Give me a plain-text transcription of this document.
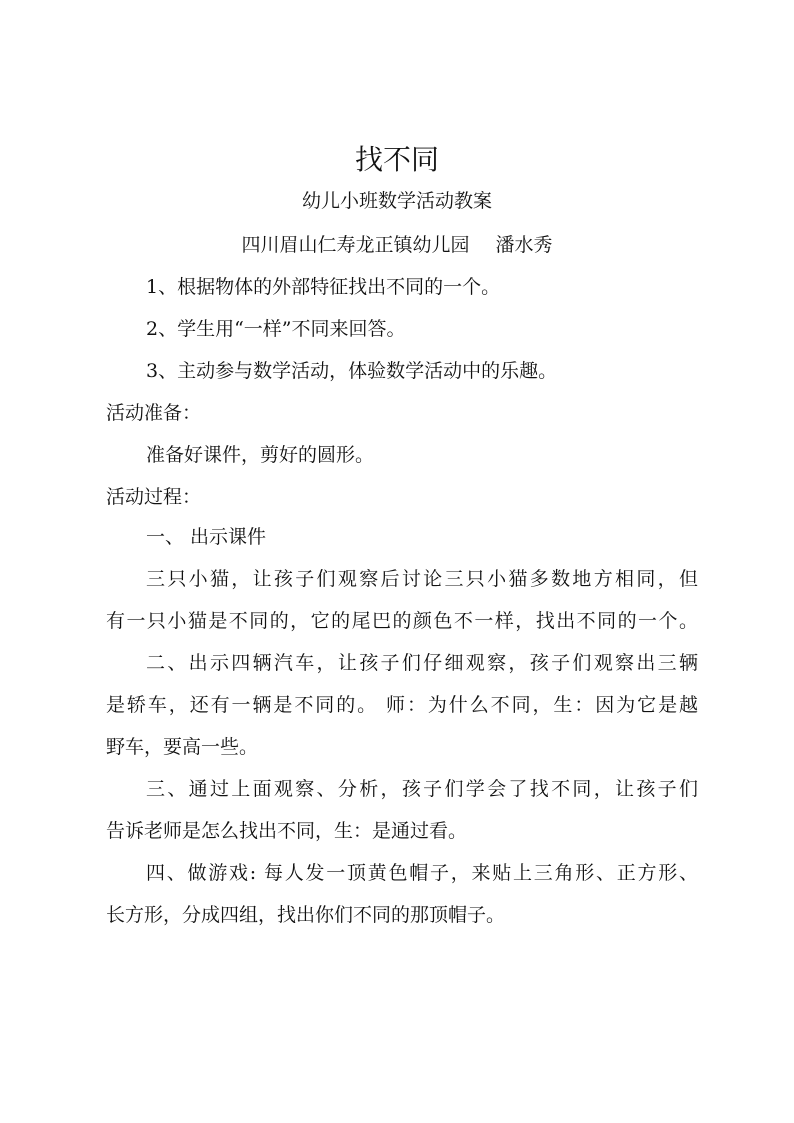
找不同
幼儿小班数学活动教案
四川眉山仁寿龙正镇幼儿园 潘水秀
1、根据物体的外部特征找出不同的一个。
2、学生用“一样”不同来回答。
3、主动参与数学活动，体验数学活动中的乐趣。
活动准备：
准备好课件，剪好的圆形。
活动过程：
一、 出示课件
三只小猫，让孩子们观察后讨论三只小猫多数地方相同，但
有一只小猫是不同的，它的尾巴的颜色不一样，找出不同的一个。
二、出示四辆汽车，让孩子们仔细观察，孩子们观察出三辆
是轿车，还有一辆是不同的。 师：为什么不同，生：因为它是越
野车，要高一些。
三、通过上面观察、分析，孩子们学会了找不同，让孩子们
告诉老师是怎么找出不同，生：是通过看。
四、做游戏: 每人发一顶黄色帽子，来贴上三角形、正方形、
长方形，分成四组，找出你们不同的那顶帽子。
